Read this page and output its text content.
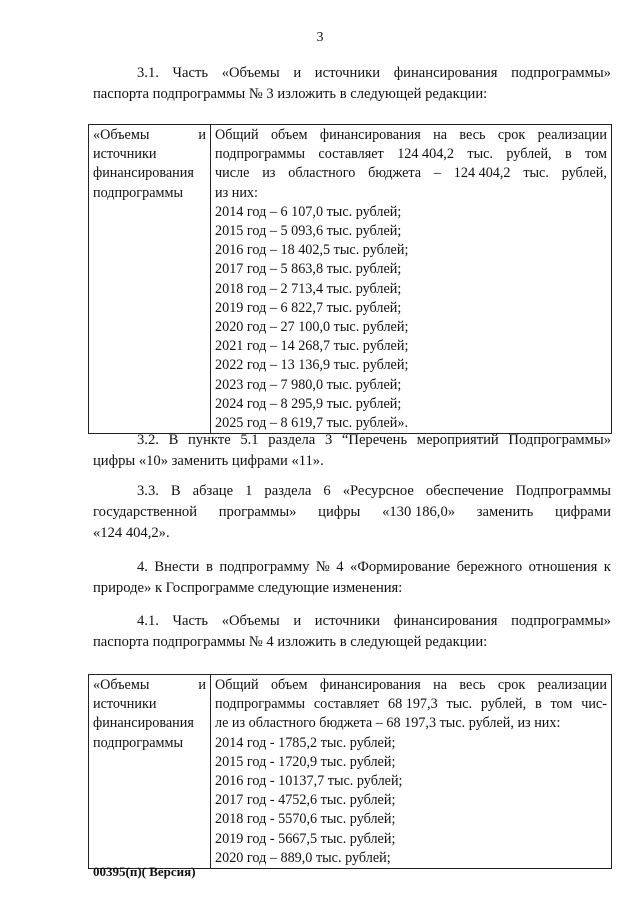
3
3.1. Часть «Объемы и источники финансирования подпрограммы»
паспорта подпрограммы № 3 изложить в следующей редакции:
«Объемы	и
источники
финансирования
подпрограммы

Общий объем финансирования на весь срок реализации
подпрограммы составляет 124 404,2 тыс. рублей, в том
числе из областного бюджета – 124 404,2 тыс. рублей,
из них:
2014 год – 6 107,0 тыс. рублей;
2015 год – 5 093,6 тыс. рублей;
2016 год – 18 402,5 тыс. рублей;
2017 год – 5 863,8 тыс. рублей;
2018 год – 2 713,4 тыс. рублей;
2019 год – 6 822,7 тыс. рублей;
2020 год – 27 100,0 тыс. рублей;
2021 год – 14 268,7 тыс. рублей;
2022 год – 13 136,9 тыс. рублей;
2023 год – 7 980,0 тыс. рублей;
2024 год – 8 295,9 тыс. рублей;
2025 год – 8 619,7 тыс. рублей».
3.2. В пункте 5.1 раздела 3 “Перечень мероприятий Подпрограммы»
цифры «10» заменить цифрами «11».
3.3. В абзаце 1 раздела 6 «Ресурсное обеспечение Подпрограммы
государственной программы» цифры «130 186,0» заменить цифрами
«124 404,2».
4. Внести в подпрограмму № 4 «Формирование бережного отношения к
природе» к Госпрограмме следующие изменения:
4.1. Часть «Объемы и источники финансирования подпрограммы»
паспорта подпрограммы № 4 изложить в следующей редакции:
«Объемы	и
источники
финансирования
подпрограммы

Общий объем финансирования на весь срок реализации
подпрограммы составляет 68 197,3 тыс. рублей, в том чис-
ле из областного бюджета – 68 197,3 тыс. рублей, из них:
2014 год - 1785,2 тыс. рублей;
2015 год - 1720,9 тыс. рублей;
2016 год - 10137,7 тыс. рублей;
2017 год - 4752,6 тыс. рублей;
2018 год - 5570,6 тыс. рублей;
2019 год - 5667,5 тыс. рублей;
2020 год – 889,0 тыс. рублей;
00395(п)( Версия)
